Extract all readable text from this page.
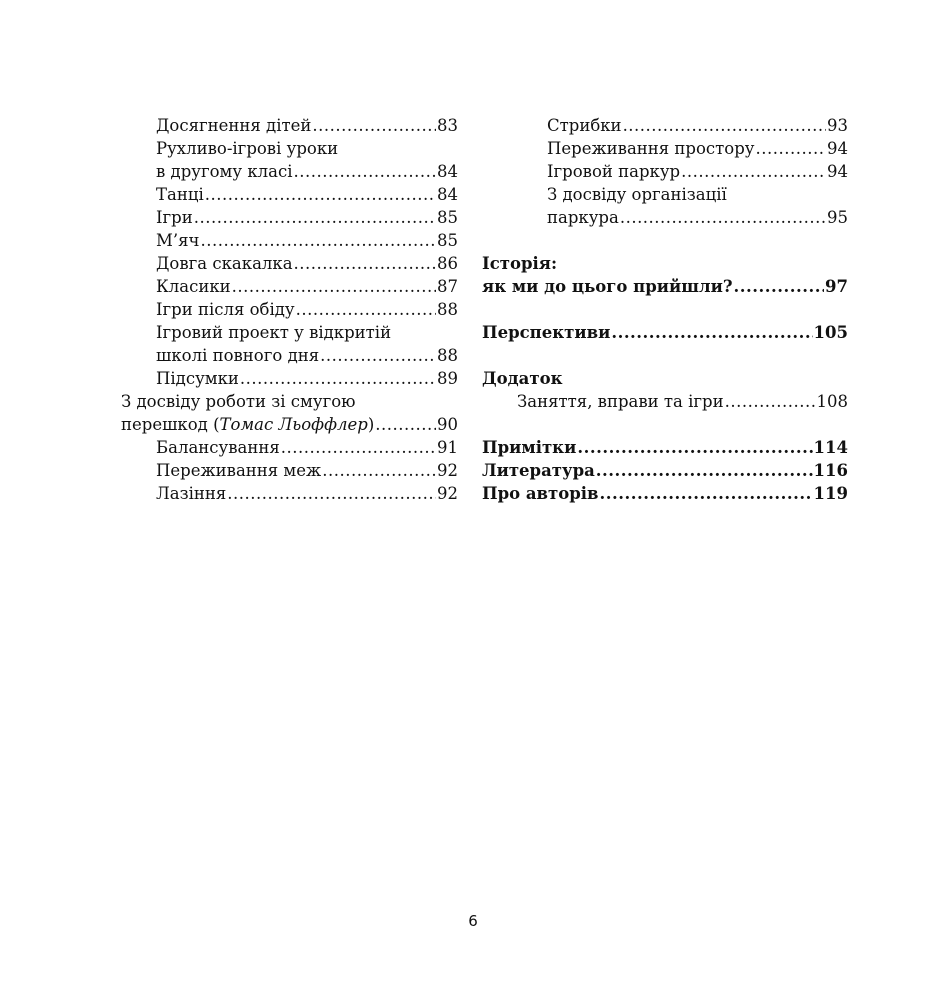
Досягнення дітей .....	83
Рухливо-ігрові уроки
в другому класі .....	84
Танці .....	84
Ігри .....	85
М’яч .....	85
Довга скакалка .....	86
Класики .....	87
Ігри після обіду .....	88
Ігровий проект у відкритій
школі повного дня .....	88
Підсумки .....	89
З досвіду роботи зі смугою
перешкод (Томас Льоффлер) .....	90
Балансування .....	91
Переживання меж .....	92
Лазіння .....	92
Стрибки .....	93
Переживання простору .....	94
Ігровой паркур .....	94
З досвіду організації
паркура .....	95
Історія:
як ми до цього прийшли? .....	97
Перспективи .....	105
Додаток
Заняття, вправи та ігри .....	108
Примітки .....	114
Литература .....	116
Про авторів .....	119
6
